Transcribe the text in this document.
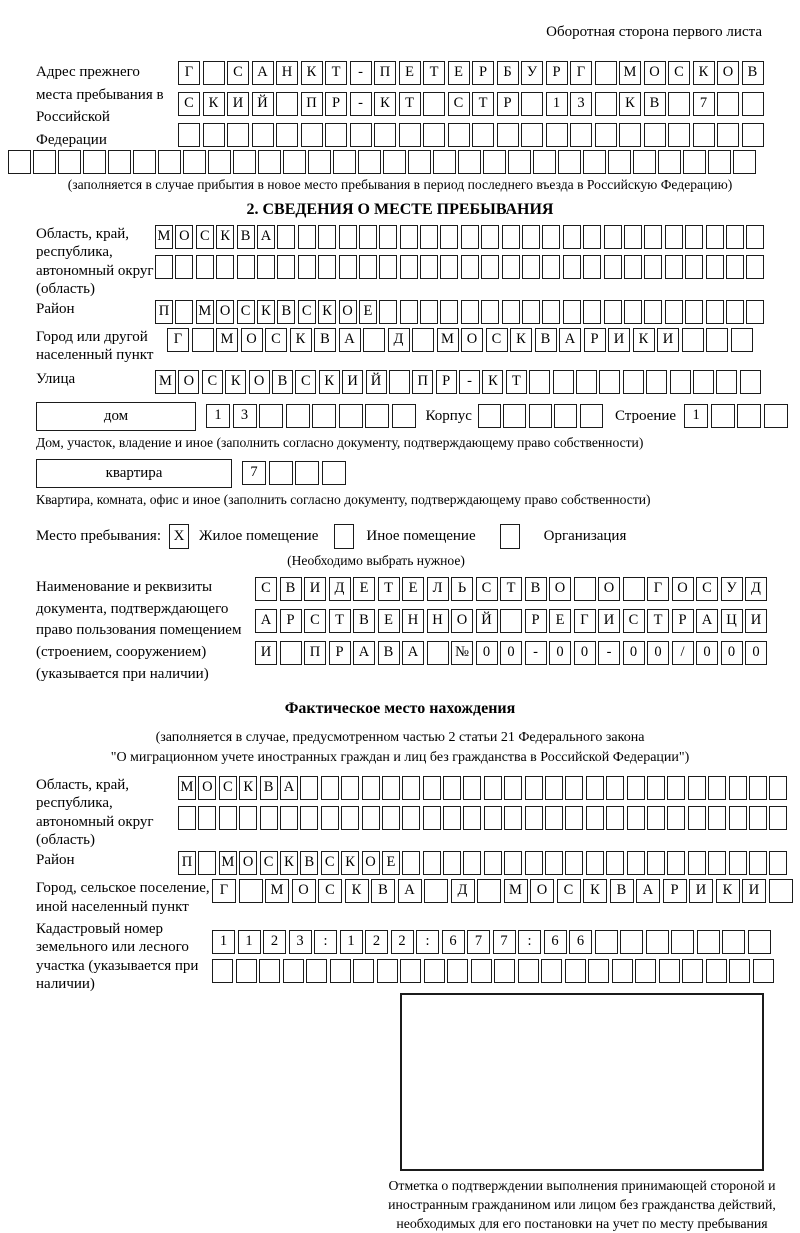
Оборотная сторона первого листа
Адрес прежнего места пребывания в Российской Федерации
Г	С А Н К	Т	-	П	Е	Т	Е	Р	Б	У	Р	Г	М О С	К О В
С	К И Й	П	Р	-	К	Т	С	Т	Р	1	3	К	В	7
(заполняется в случае прибытия в новое место пребывания в период последнего въезда в Российскую Федерацию)
2. СВЕДЕНИЯ О МЕСТЕ ПРЕБЫВАНИЯ
Область, край, республика, автономный округ (область)
М О С К В А
Район	П М О С К В С К О Е
Город или другой населенный пункт
Г	М О С	К	В А	Д	М О С	К	В А	Р	И К И
Улица	М О С К О В С К И Й	П Р	-	К Т
дом	1	3	Корпус	Строение	1
Дом, участок, владение и иное (заполнить согласно документу, подтверждающему право собственности)
квартира	7
Квартира, комната, офис и иное (заполнить согласно документу, подтверждающему право собственности)
Место пребывания: X Жилое помещение	Иное помещение	Организация
(Необходимо выбрать нужное)
Наименование и реквизиты документа, подтверждающего право пользования помещением (строением, сооружением) (указывается при наличии)
С	В И Д	Е	Т	Е	Л	Ь	С	Т	В О	О	Г	О С	У Д
А	Р	С	Т	В	Е	Н Н О Й	Р	Е	Г	И С	Т	Р	А Ц И
И	П	Р	А В А	№ 0	0	-	0	0	-	0	0	/	0	0	0
Фактическое место нахождения
(заполняется в случае, предусмотренном частью 2 статьи 21 Федерального закона
"О миграционном учете иностранных граждан и лиц без гражданства в Российской Федерации")
Область, край, республика, автономный округ (область)
М О С К В А
Район	П М О С К В С К О Е
Город, сельское поселение, иной населенный пункт
Г	М	О	С	К	В	А	Д	М	О	С	К	В	А	Р	И	К	И
Кадастровый номер земельного или лесного участка (указывается при наличии)
1	1	2	3	:	1	2	2	:	6	7	7	:	6	6
Отметка о подтверждении выполнения принимающей стороной и иностранным гражданином или лицом без гражданства действий, необходимых для его постановки на учет по месту пребывания
